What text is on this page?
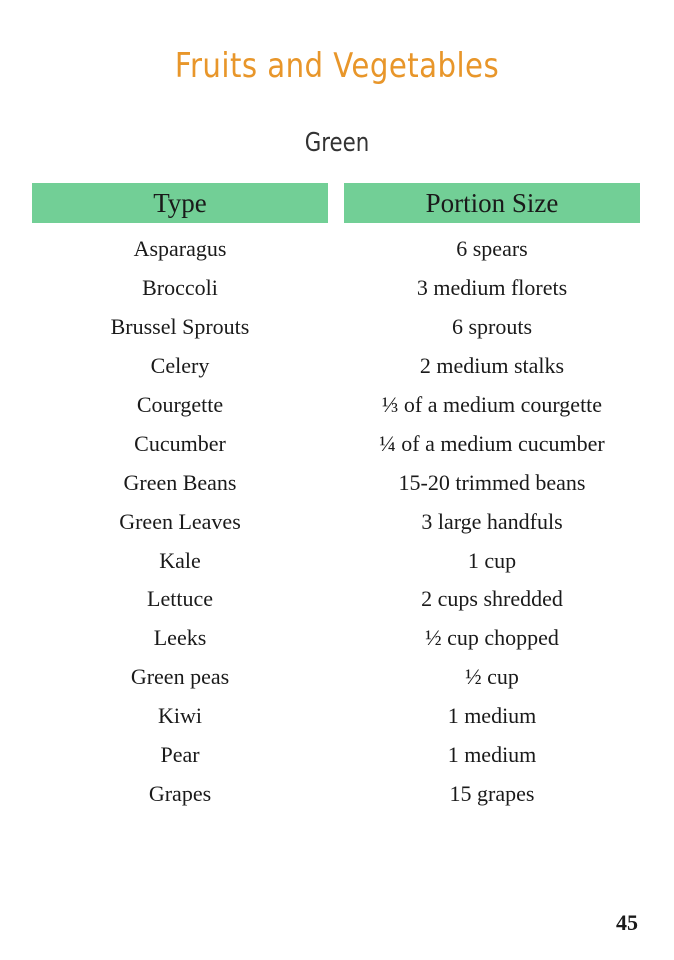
Fruits and Vegetables
Green
Type	Portion Size
Asparagus	6 spears
Broccoli	3 medium florets
Brussel Sprouts	6 sprouts
Celery	2 medium stalks
Courgette	⅓ of a medium courgette
Cucumber	¼ of a medium cucumber
Green Beans	15-20 trimmed beans
Green Leaves	3 large handfuls
Kale	1 cup
Lettuce	2 cups shredded
Leeks	½ cup chopped
Green peas	½ cup
Kiwi	1 medium
Pear	1 medium
Grapes	15 grapes
45
